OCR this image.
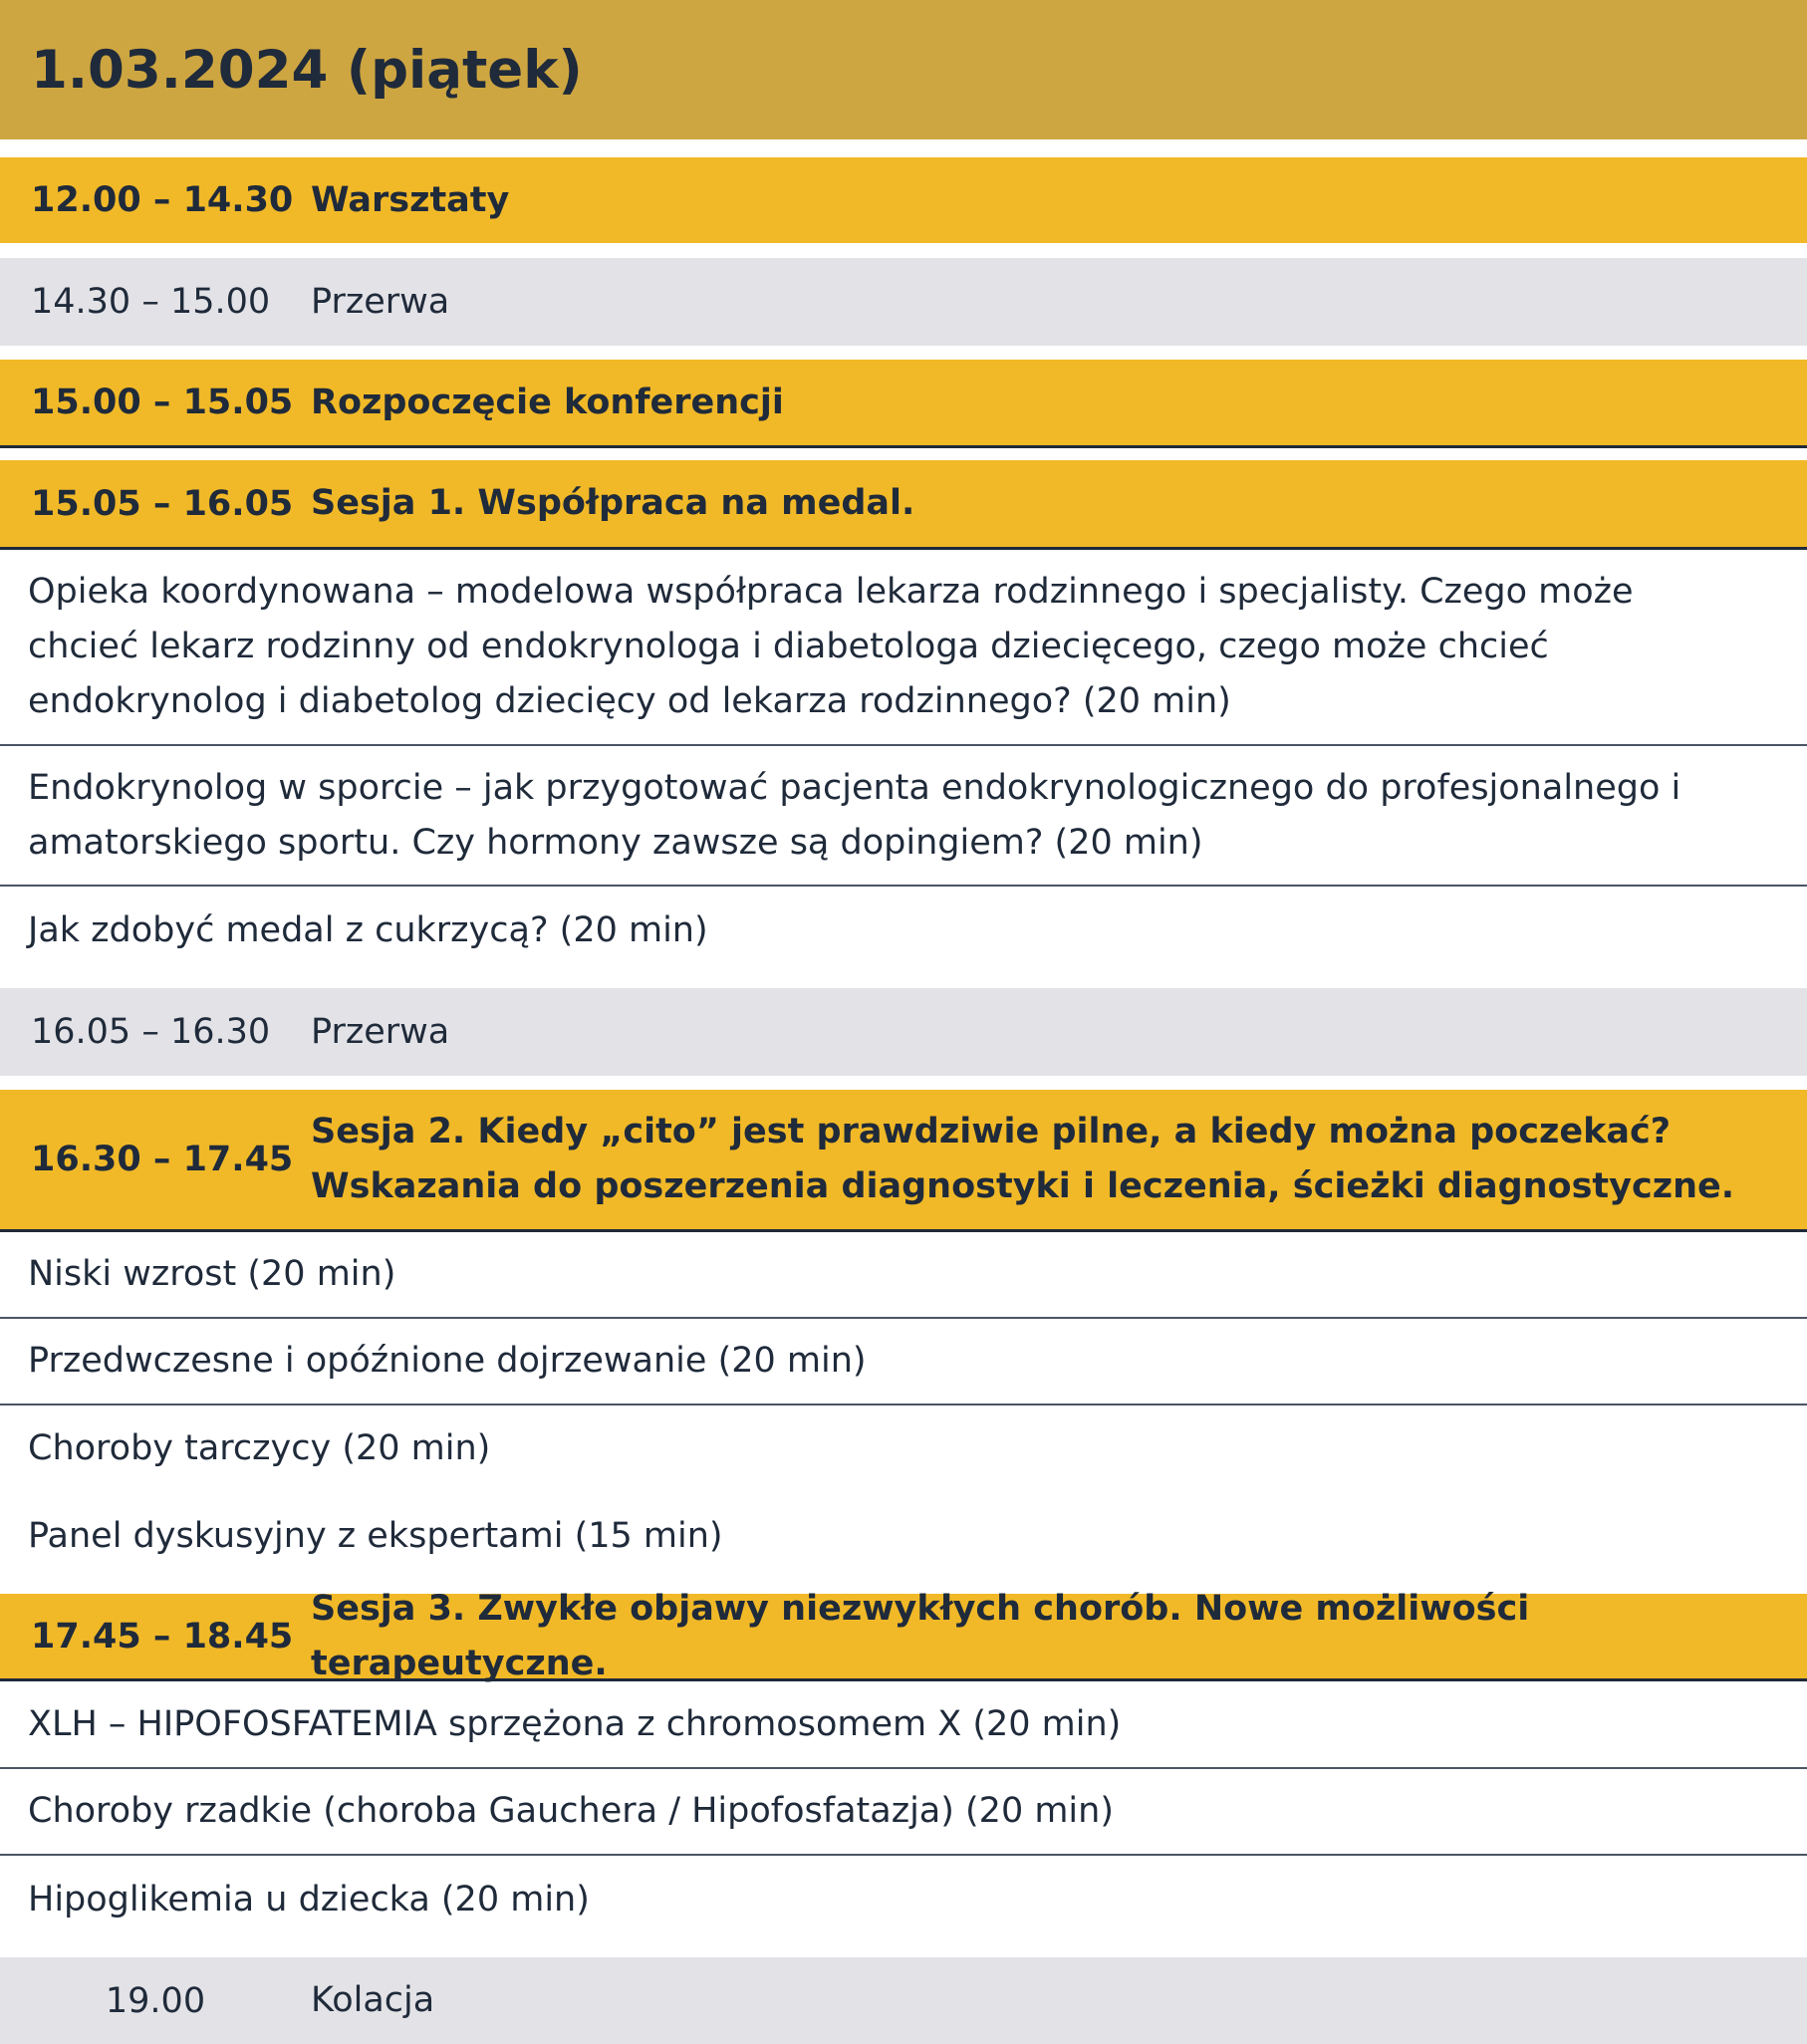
1.03.2024 (piątek)
12.00 – 14.30 Warsztaty
14.30 – 15.00 Przerwa
15.00 – 15.05 Rozpoczęcie konferencji
15.05 – 16.05 Sesja 1. Współpraca na medal.
Opieka koordynowana – modelowa współpraca lekarza rodzinnego i specjalisty. Czego może chcieć lekarz rodzinny od endokrynologa i diabetologa dziecięcego, czego może chcieć endokrynolog i diabetolog dziecięcy od lekarza rodzinnego? (20 min)
Endokrynolog w sporcie – jak przygotować pacjenta endokrynologicznego do profesjonalnego i amatorskiego sportu. Czy hormony zawsze są dopingiem? (20 min)
Jak zdobyć medal z cukrzycą? (20 min)
16.05 – 16.30 Przerwa
16.30 – 17.45
Sesja 2. Kiedy „cito” jest prawdziwie pilne, a kiedy można poczekać? Wskazania do poszerzenia diagnostyki i leczenia, ścieżki diagnostyczne.
Niski wzrost (20 min)
Przedwczesne i opóźnione dojrzewanie (20 min)
Choroby tarczycy (20 min)
Panel dyskusyjny z ekspertami (15 min)
17.45 – 18.45
Sesja 3. Zwykłe objawy niezwykłych chorób. Nowe możliwości terapeutyczne.
XLH – HIPOFOSFATEMIA sprzężona z chromosomem X (20 min)
Choroby rzadkie (choroba Gauchera / Hipofosfatazja) (20 min)
Hipoglikemia u dziecka (20 min)
19.00	Kolacja
